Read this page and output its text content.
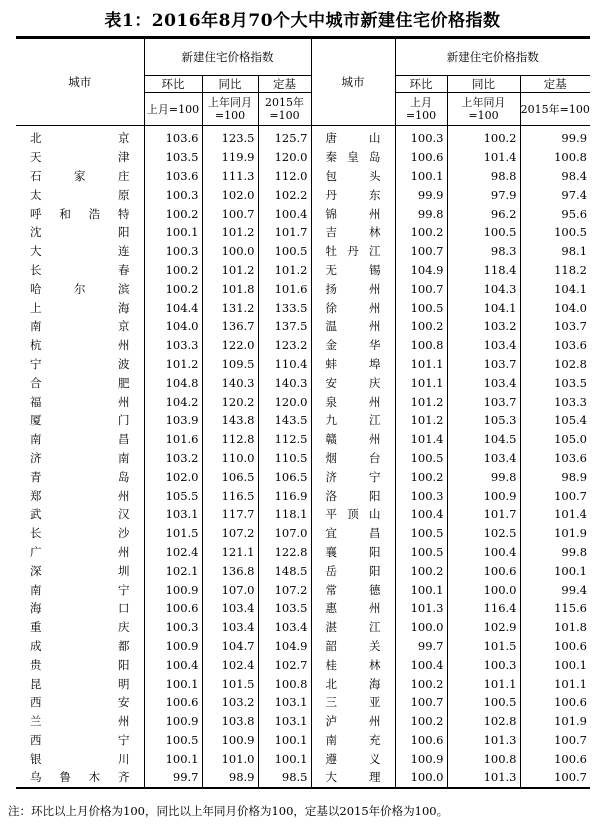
表1：2016年8月70个大中城市新建住宅价格指数
城市	新建住宅价格指数			城市	新建住宅价格指数		
	环比	同比	定基		环比	同比	定基
	上月=100	上年同月=100	2015年=100		上月=100	上年同月=100	2015年=100

北 京	103.6	123.5	125.7	唐 山	100.3	100.2	99.9

天 津	103.5	119.9	120.0	秦 皇 岛	100.6	101.4	100.8

石 家 庄	103.6	111.3	112.0	包 头	100.1	98.8	98.4

太 原	100.3	102.0	102.2	丹 东	99.9	97.9	97.4

呼 和 浩 特	100.2	100.7	100.4	锦 州	99.8	96.2	95.6

沈 阳	100.1	101.2	101.7	吉 林	100.2	100.5	100.5

大 连	100.3	100.0	100.5	牡 丹 江	100.7	98.3	98.1

长 春	100.2	101.2	101.2	无 锡	104.9	118.4	118.2

哈 尔 滨	100.2	101.8	101.6	扬 州	100.7	104.3	104.1

上 海	104.4	131.2	133.5	徐 州	100.5	104.1	104.0

南 京	104.0	136.7	137.5	温 州	100.2	103.2	103.7

杭 州	103.3	122.0	123.2	金 华	100.8	103.4	103.6

宁 波	101.2	109.5	110.4	蚌 埠	101.1	103.7	102.8

合 肥	104.8	140.3	140.3	安 庆	101.1	103.4	103.5

福 州	104.2	120.2	120.0	泉 州	101.2	103.7	103.3

厦 门	103.9	143.8	143.5	九 江	101.2	105.3	105.4

南 昌	101.6	112.8	112.5	赣 州	101.4	104.5	105.0

济 南	103.2	110.0	110.5	烟 台	100.5	103.4	103.6

青 岛	102.0	106.5	106.5	济 宁	100.2	99.8	98.9

郑 州	105.5	116.5	116.9	洛 阳	100.3	100.9	100.7

武 汉	103.1	117.7	118.1	平 顶 山	100.4	101.7	101.4

长 沙	101.5	107.2	107.0	宜 昌	100.5	102.5	101.9

广 州	102.4	121.1	122.8	襄 阳	100.5	100.4	99.8

深 圳	102.1	136.8	148.5	岳 阳	100.2	100.6	100.1

南 宁	100.9	107.0	107.2	常 德	100.1	100.0	99.4

海 口	100.6	103.4	103.5	惠 州	101.3	116.4	115.6

重 庆	100.3	103.4	103.4	湛 江	100.0	102.9	101.8

成 都	100.9	104.7	104.9	韶 关	99.7	101.5	100.6

贵 阳	100.4	102.4	102.7	桂 林	100.4	100.3	100.1

昆 明	100.1	101.5	100.8	北 海	100.2	101.1	101.1

西 安	100.6	103.2	103.1	三 亚	100.7	100.5	100.6

兰 州	100.9	103.8	103.1	泸 州	100.2	102.8	101.9

西 宁	100.5	100.9	100.1	南 充	100.6	101.3	100.7

银 川	100.1	101.0	100.1	遵 义	100.9	100.8	100.6

乌 鲁 木 齐	99.7	98.9	98.5	大 理	100.0	101.3	100.7
注：环比以上月价格为100，同比以上年同月价格为100，定基以2015年价格为100。
